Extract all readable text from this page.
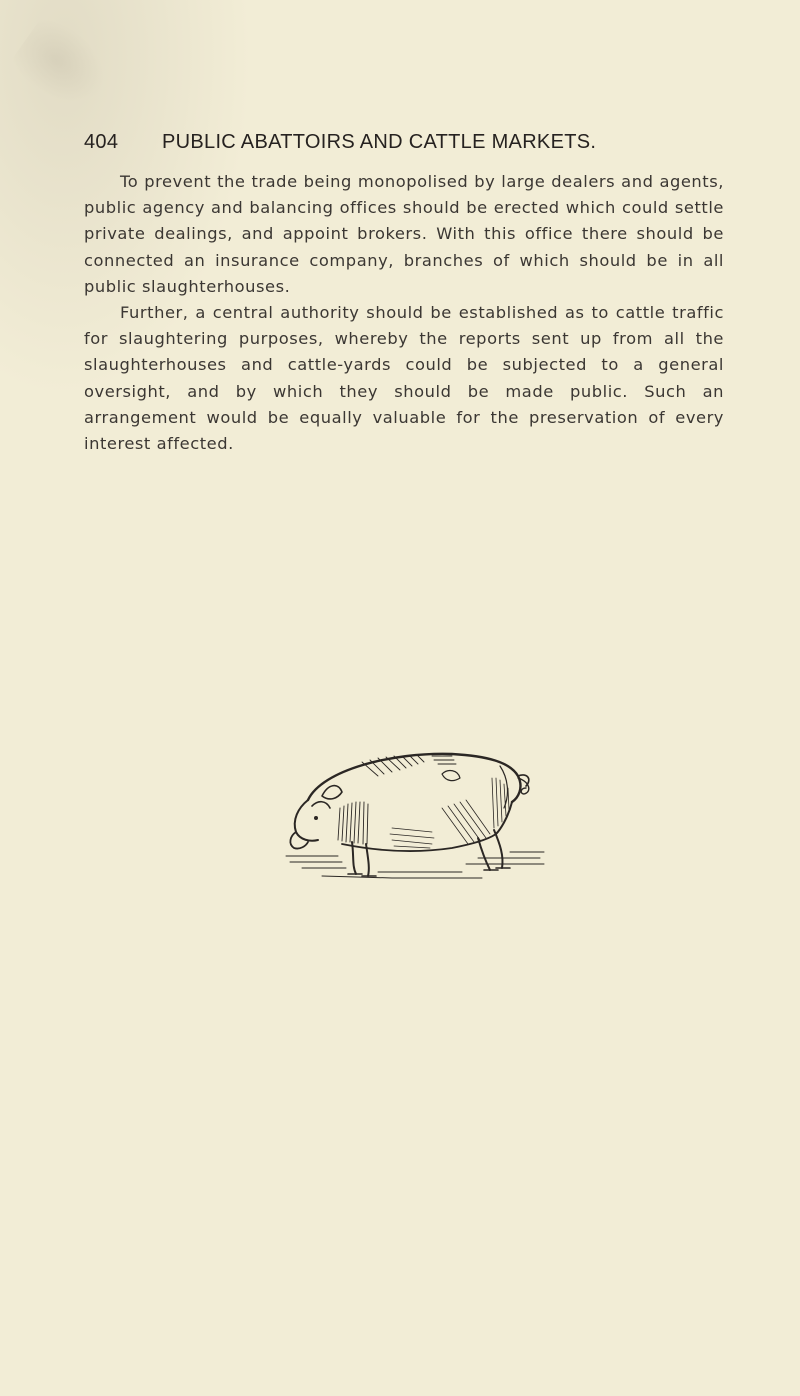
404 PUBLIC ABATTOIRS AND CATTLE MARKETS.

To prevent the trade being monopolised by large dealers and agents, public agency and balancing offices should be erected which could settle private dealings, and appoint brokers. With this office there should be connected an insurance company, branches of which should be in all public slaughterhouses.

Further, a central authority should be established as to cattle traffic for slaughtering purposes, whereby the reports sent up from all the slaughterhouses and cattle-yards could be subjected to a general oversight, and by which they should be made public. Such an arrangement would be equally valuable for the preservation of every interest affected.
